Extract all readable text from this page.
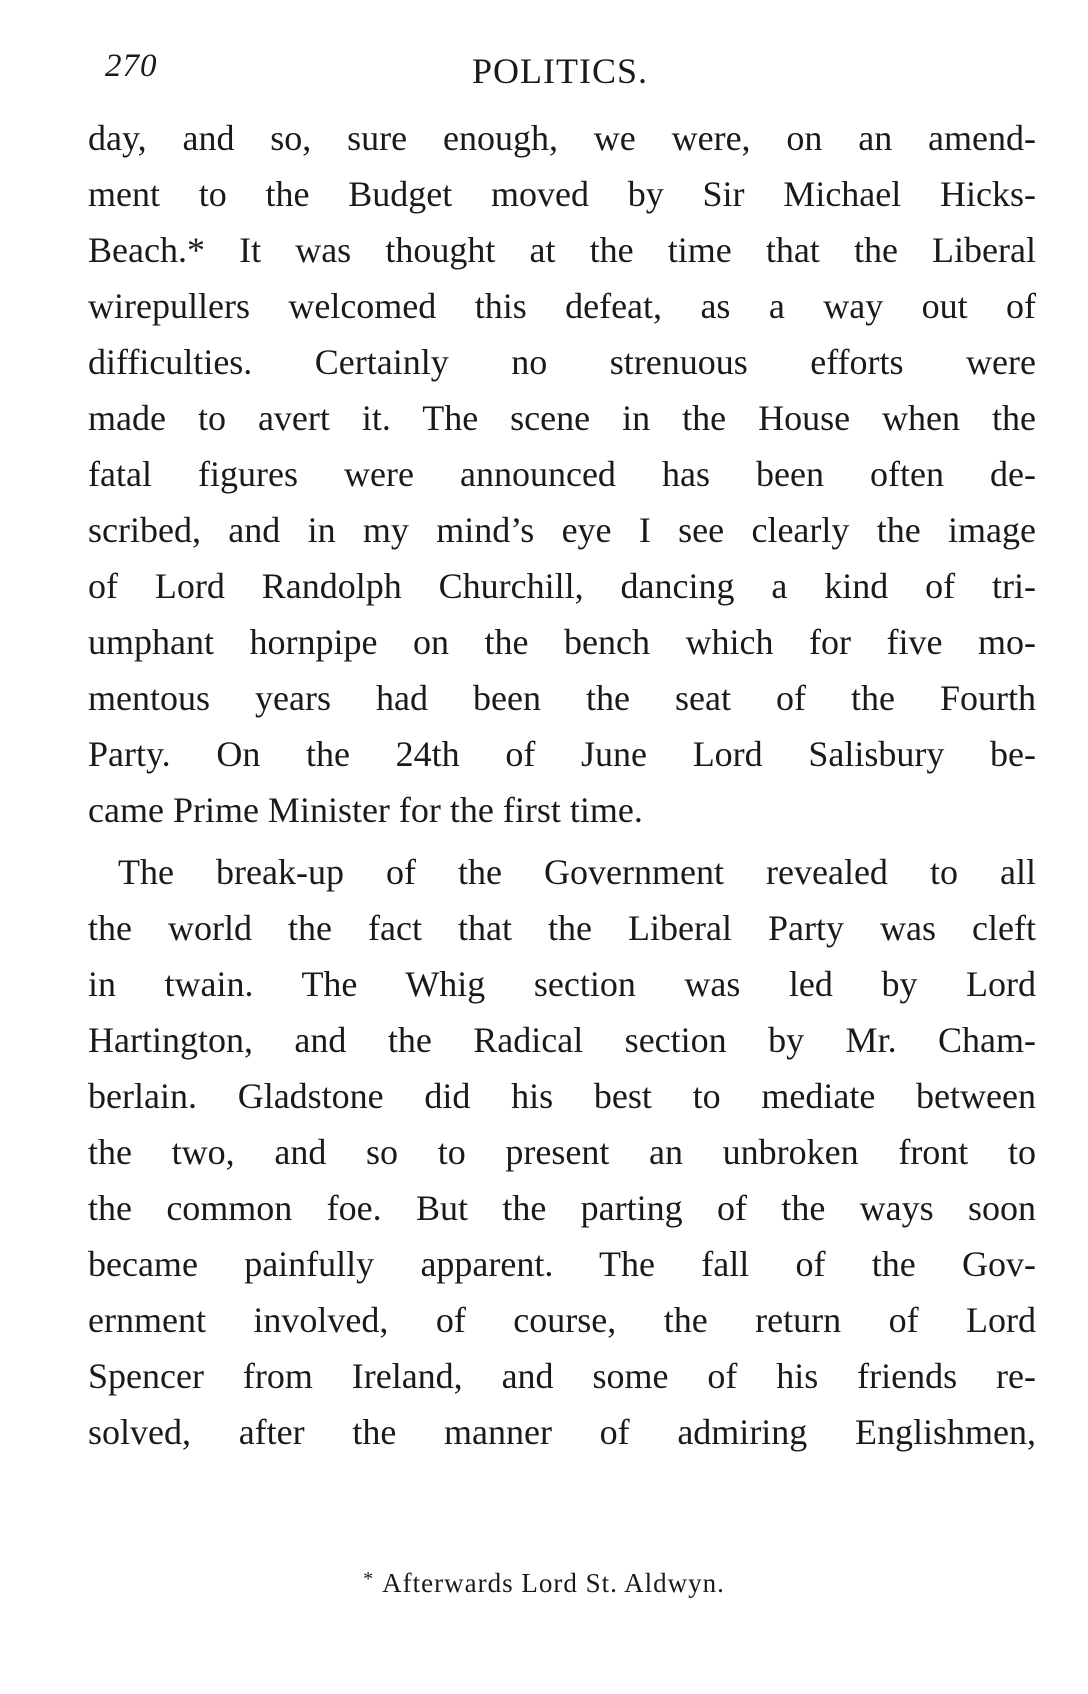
270	POLITICS.

day, and so, sure enough, we were, on an amend-
ment to the Budget moved by Sir Michael Hicks-
Beach.* It was thought at the time that the Liberal
wirepullers welcomed this defeat, as a way out of
difficulties. Certainly no strenuous efforts were
made to avert it. The scene in the House when the
fatal figures were announced has been often de-
scribed, and in my mind’s eye I see clearly the image
of Lord Randolph Churchill, dancing a kind of tri-
umphant hornpipe on the bench which for five mo-
mentous years had been the seat of the Fourth
Party. On the 24th of June Lord Salisbury be-
came Prime Minister for the first time.

The break-up of the Government revealed to all
the world the fact that the Liberal Party was cleft
in twain. The Whig section was led by Lord
Hartington, and the Radical section by Mr. Cham-
berlain. Gladstone did his best to mediate between
the two, and so to present an unbroken front to
the common foe. But the parting of the ways soon
became painfully apparent. The fall of the Gov-
ernment involved, of course, the return of Lord
Spencer from Ireland, and some of his friends re-
solved, after the manner of admiring Englishmen,

* Afterwards Lord St. Aldwyn.
